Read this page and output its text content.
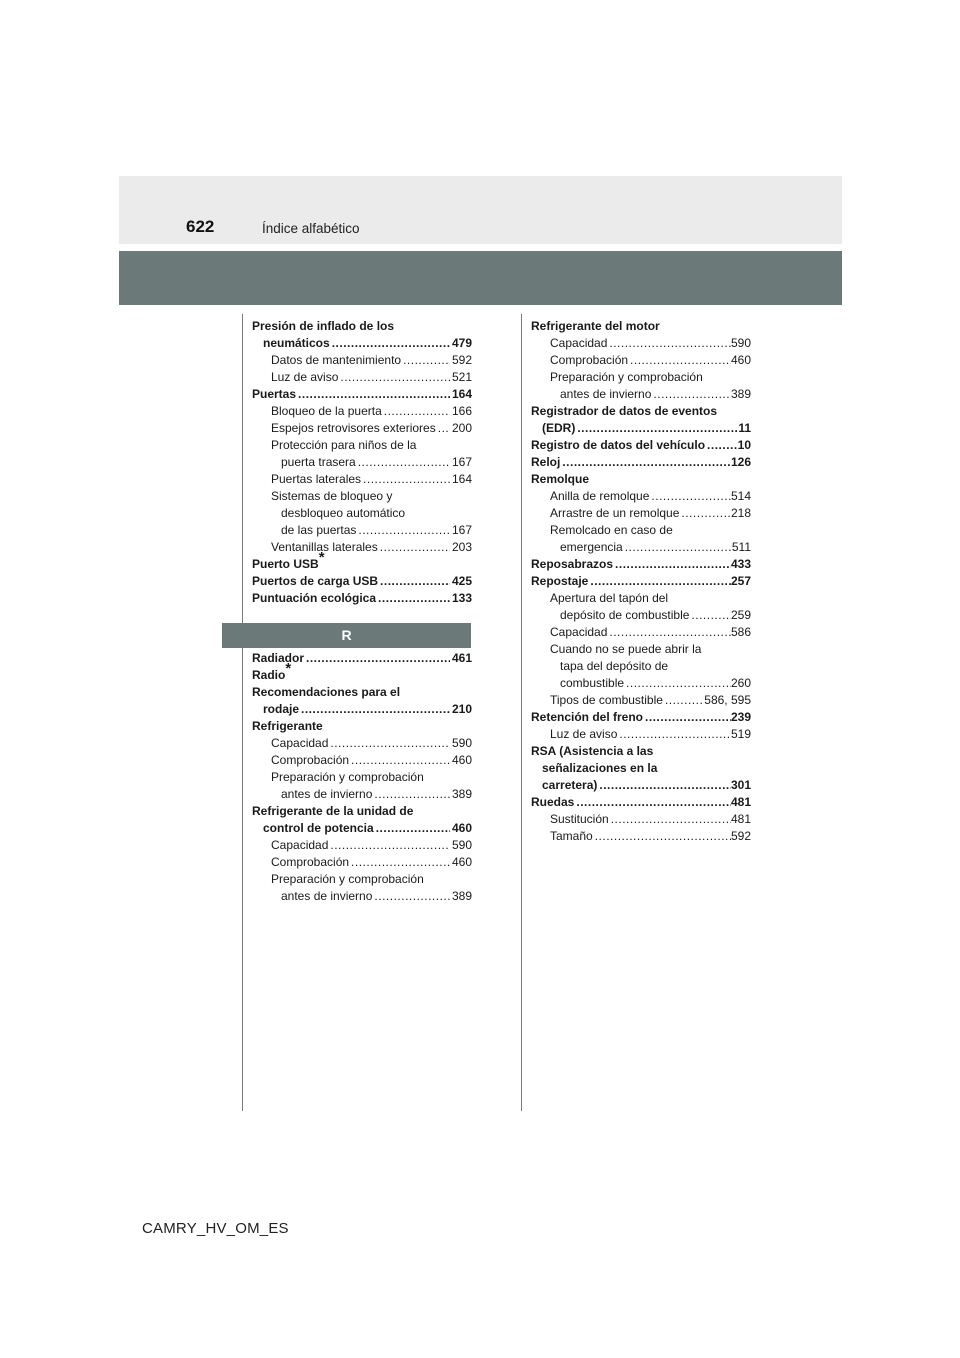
622	Índice alfabético
Presión de inflado de los
neumáticos .....	479
Datos de mantenimiento .....	592
Luz de aviso .....	521
Puertas .....	164
Bloqueo de la puerta .....	166
Espejos retrovisores exteriores ..... 200
Protección para niños de la
puerta trasera .....	167
Puertas laterales .....	164
Sistemas de bloqueo y
desbloqueo automático
de las puertas .....	167
Ventanillas laterales .....	203
Puerto USB*
Puertos de carga USB .....	425
Puntuación ecológica .....	133
R
Radiador .....	461
Radio*
Recomendaciones para el
rodaje .....	210
Refrigerante
Capacidad .....	590
Comprobación .....	460
Preparación y comprobación
antes de invierno .....	389
Refrigerante de la unidad de
control de potencia .....	460
Capacidad .....	590
Comprobación .....	460
Preparación y comprobación
antes de invierno .....	389
Refrigerante del motor
Capacidad .....	590
Comprobación .....	460
Preparación y comprobación
antes de invierno .....	389
Registrador de datos de eventos
(EDR) .....	11
Registro de datos del vehículo .....	10
Reloj .....	126
Remolque
Anilla de remolque .....	514
Arrastre de un remolque .....	218
Remolcado en caso de
emergencia .....	511
Reposabrazos .....	433
Repostaje .....	257
Apertura del tapón del
depósito de combustible .....	259
Capacidad .....	586
Cuando no se puede abrir la
tapa del depósito de
combustible .....	260
Tipos de combustible .....	586, 595
Retención del freno .....	239
Luz de aviso .....	519
RSA (Asistencia a las
señalizaciones en la
carretera) .....	301
Ruedas .....	481
Sustitución .....	481
Tamaño .....	592
CAMRY_HV_OM_ES
